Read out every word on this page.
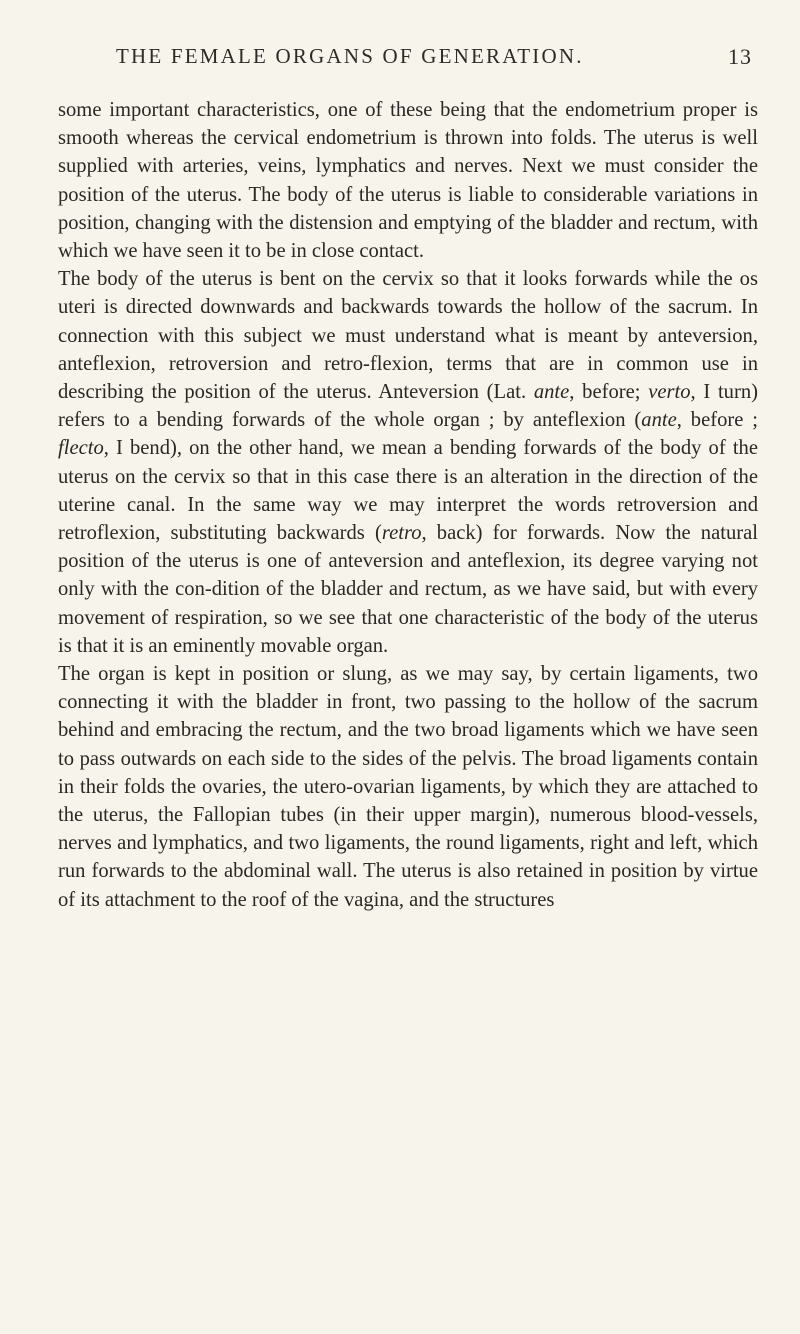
THE FEMALE ORGANS OF GENERATION.	13

some important characteristics, one of these being that the endometrium proper is smooth whereas the cervical endometrium is thrown into folds. The uterus is well supplied with arteries, veins, lymphatics and nerves. Next we must consider the position of the uterus. The body of the uterus is liable to considerable variations in position, changing with the distension and emptying of the bladder and rectum, with which we have seen it to be in close contact.

The body of the uterus is bent on the cervix so that it looks forwards while the os uteri is directed downwards and backwards towards the hollow of the sacrum. In connection with this subject we must understand what is meant by anteversion, anteflexion, retroversion and retro-flexion, terms that are in common use in describing the position of the uterus. Anteversion (Lat. ante, before; verto, I turn) refers to a bending forwards of the whole organ ; by anteflexion (ante, before ; flecto, I bend), on the other hand, we mean a bending forwards of the body of the uterus on the cervix so that in this case there is an alteration in the direction of the uterine canal. In the same way we may interpret the words retroversion and retroflexion, substituting backwards (retro, back) for forwards. Now the natural position of the uterus is one of anteversion and anteflexion, its degree varying not only with the con-dition of the bladder and rectum, as we have said, but with every movement of respiration, so we see that one characteristic of the body of the uterus is that it is an eminently movable organ.

The organ is kept in position or slung, as we may say, by certain ligaments, two connecting it with the bladder in front, two passing to the hollow of the sacrum behind and embracing the rectum, and the two broad ligaments which we have seen to pass outwards on each side to the sides of the pelvis. The broad ligaments contain in their folds the ovaries, the utero-ovarian ligaments, by which they are attached to the uterus, the Fallopian tubes (in their upper margin), numerous blood-vessels, nerves and lymphatics, and two ligaments, the round ligaments, right and left, which run forwards to the abdominal wall. The uterus is also retained in position by virtue of its attachment to the roof of the vagina, and the structures
